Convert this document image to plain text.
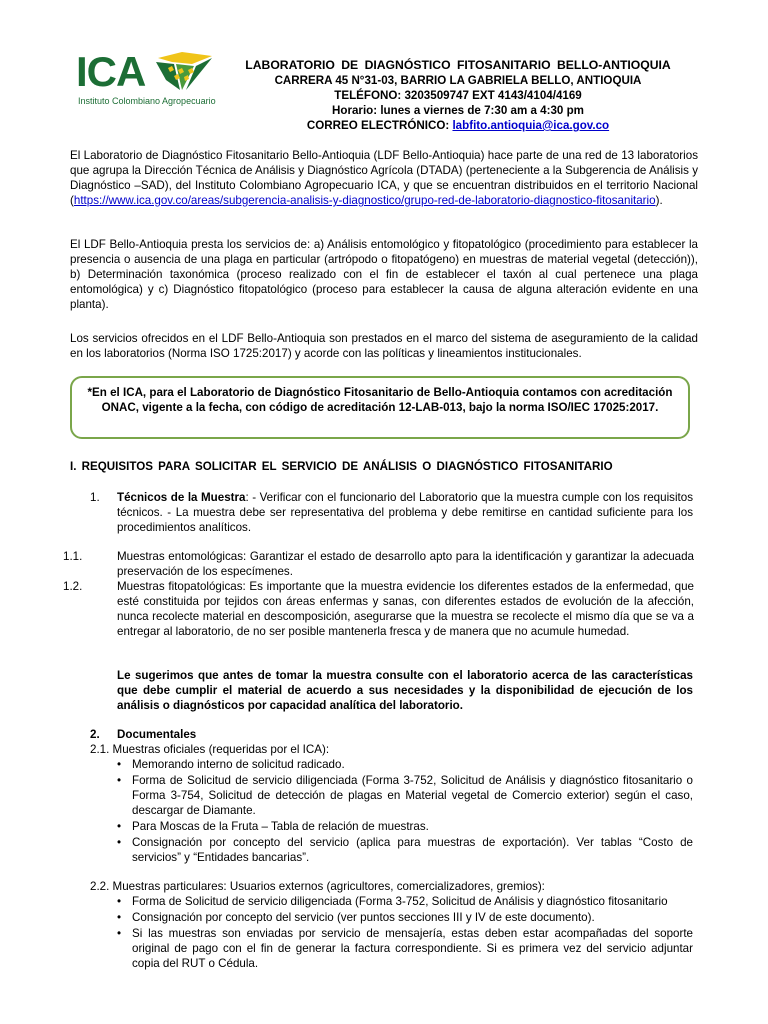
ICA
Instituto Colombiano Agropecuario
LABORATORIO DE DIAGNÓSTICO FITOSANITARIO BELLO-ANTIOQUIA
CARRERA 45 N°31-03, BARRIO LA GABRIELA BELLO, ANTIOQUIA
TELÉFONO: 3203509747 EXT 4143/4104/4169
Horario: lunes a viernes de 7:30 am a 4:30 pm
CORREO ELECTRÓNICO: labfito.antioquia@ica.gov.co
El Laboratorio de Diagnóstico Fitosanitario Bello-Antioquia (LDF Bello-Antioquia) hace parte de una red de 13 laboratorios que agrupa la Dirección Técnica de Análisis y Diagnóstico Agrícola (DTADA) (perteneciente a la Subgerencia de Análisis y Diagnóstico –SAD), del Instituto Colombiano Agropecuario ICA, y que se encuentran distribuidos en el territorio Nacional (https://www.ica.gov.co/areas/subgerencia-analisis-y-diagnostico/grupo-red-de-laboratorio-diagnostico-fitosanitario).
El LDF Bello-Antioquia presta los servicios de: a) Análisis entomológico y fitopatológico (procedimiento para establecer la presencia o ausencia de una plaga en particular (artrópodo o fitopatógeno) en muestras de material vegetal (detección)), b) Determinación taxonómica (proceso realizado con el fin de establecer el taxón al cual pertenece una plaga entomológica) y c) Diagnóstico fitopatológico (proceso para establecer la causa de alguna alteración evidente en una planta).
Los servicios ofrecidos en el LDF Bello-Antioquia son prestados en el marco del sistema de aseguramiento de la calidad en los laboratorios (Norma ISO 1725:2017) y acorde con las políticas y lineamientos institucionales.
*En el ICA, para el Laboratorio de Diagnóstico Fitosanitario de Bello-Antioquia contamos con acreditación ONAC, vigente a la fecha, con código de acreditación 12-LAB-013, bajo la norma ISO/IEC 17025:2017.
I. REQUISITOS PARA SOLICITAR EL SERVICIO DE ANÁLISIS O DIAGNÓSTICO FITOSANITARIO
1.	Técnicos de la Muestra: - Verificar con el funcionario del Laboratorio que la muestra cumple con los requisitos técnicos. - La muestra debe ser representativa del problema y debe remitirse en cantidad suficiente para los procedimientos analíticos.
1.1.	Muestras entomológicas: Garantizar el estado de desarrollo apto para la identificación y garantizar la adecuada preservación de los especímenes.
1.2.	Muestras fitopatológicas: Es importante que la muestra evidencie los diferentes estados de la enfermedad, que esté constituida por tejidos con áreas enfermas y sanas, con diferentes estados de evolución de la afección, nunca recolecte material en descomposición, asegurarse que la muestra se recolecte el mismo día que se va a entregar al laboratorio, de no ser posible mantenerla fresca y de manera que no acumule humedad.
Le sugerimos que antes de tomar la muestra consulte con el laboratorio acerca de las características que debe cumplir el material de acuerdo a sus necesidades y la disponibilidad de ejecución de los análisis o diagnósticos por capacidad analítica del laboratorio.
2.	Documentales
2.1. Muestras oficiales (requeridas por el ICA):
• Memorando interno de solicitud radicado.
• Forma de Solicitud de servicio diligenciada (Forma 3-752, Solicitud de Análisis y diagnóstico fitosanitario o Forma 3-754, Solicitud de detección de plagas en Material vegetal de Comercio exterior) según el caso, descargar de Diamante.
• Para Moscas de la Fruta – Tabla de relación de muestras.
• Consignación por concepto del servicio (aplica para muestras de exportación). Ver tablas “Costo de servicios” y “Entidades bancarias”.
2.2. Muestras particulares: Usuarios externos (agricultores, comercializadores, gremios):
• Forma de Solicitud de servicio diligenciada (Forma 3-752, Solicitud de Análisis y diagnóstico fitosanitario
• Consignación por concepto del servicio (ver puntos secciones III y IV de este documento).
• Si las muestras son enviadas por servicio de mensajería, estas deben estar acompañadas del soporte original de pago con el fin de generar la factura correspondiente. Si es primera vez del servicio adjuntar copia del RUT o Cédula.
